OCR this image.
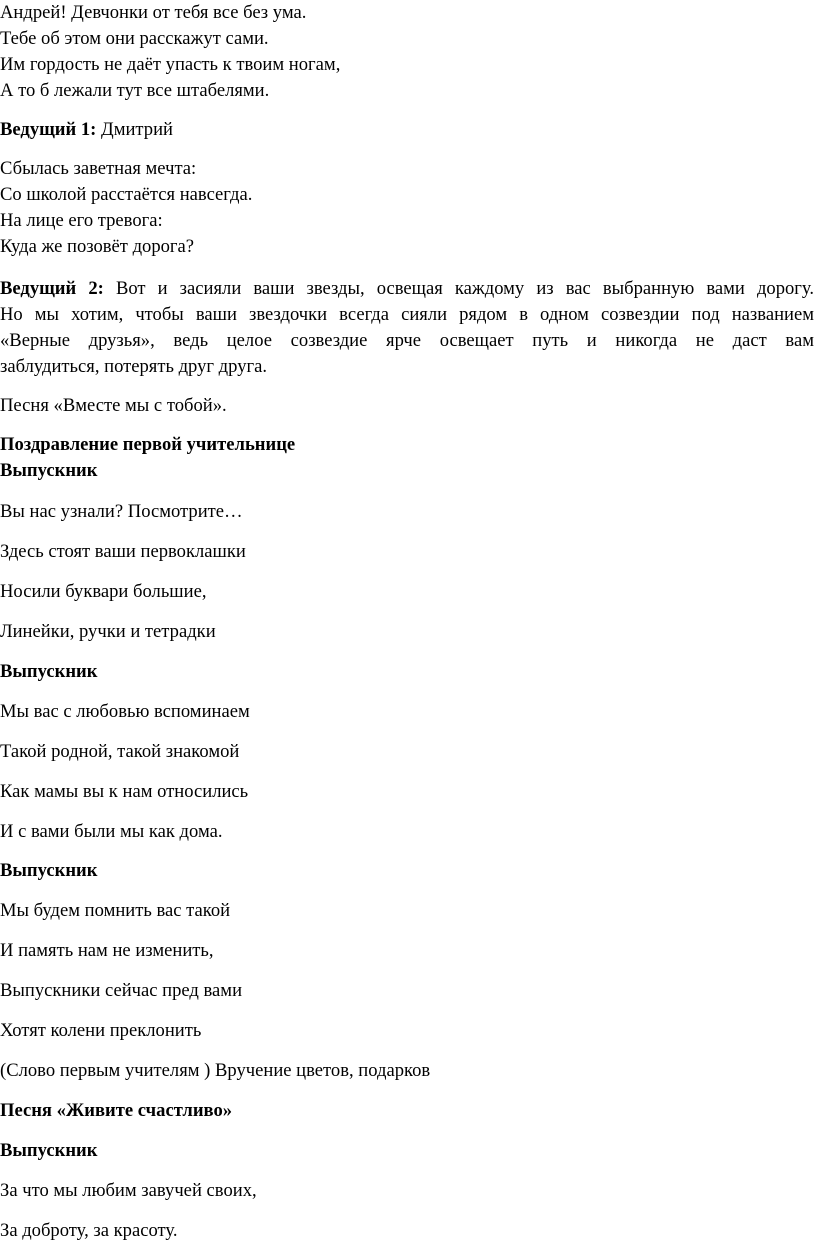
Андрей! Девчонки от тебя все без ума.
Тебе об этом они расскажут сами.
Им гордость не даёт упасть к твоим ногам,
А то б лежали тут все штабелями.
Ведущий 1: Дмитрий
Сбылась заветная мечта:
Со школой расстаётся навсегда.
На лице его тревога:
Куда же позовёт дорога?
Ведущий 2: Вот и засияли ваши звезды, освещая каждому из вас выбранную вами дорогу.
Но мы хотим, чтобы ваши звездочки всегда сияли рядом в одном созвездии под названием
«Верные друзья», ведь целое созвездие ярче освещает путь и никогда не даст вам
заблудиться, потерять друг друга.
Песня «Вместе мы с тобой».
Поздравление первой учительнице
Выпускник
Вы нас узнали? Посмотрите…
Здесь стоят ваши первоклашки
Носили буквари большие,
Линейки, ручки и тетрадки
Выпускник
Мы вас с любовью вспоминаем
Такой родной, такой знакомой
Как мамы вы к нам относились
И с вами были мы как дома.
Выпускник
Мы будем помнить вас такой
И память нам не изменить,
Выпускники сейчас пред вами
Хотят колени преклонить
(Слово первым учителям ) Вручение цветов, подарков
Песня «Живите счастливо»
Выпускник
За что мы любим завучей своих,
За доброту, за красоту.
